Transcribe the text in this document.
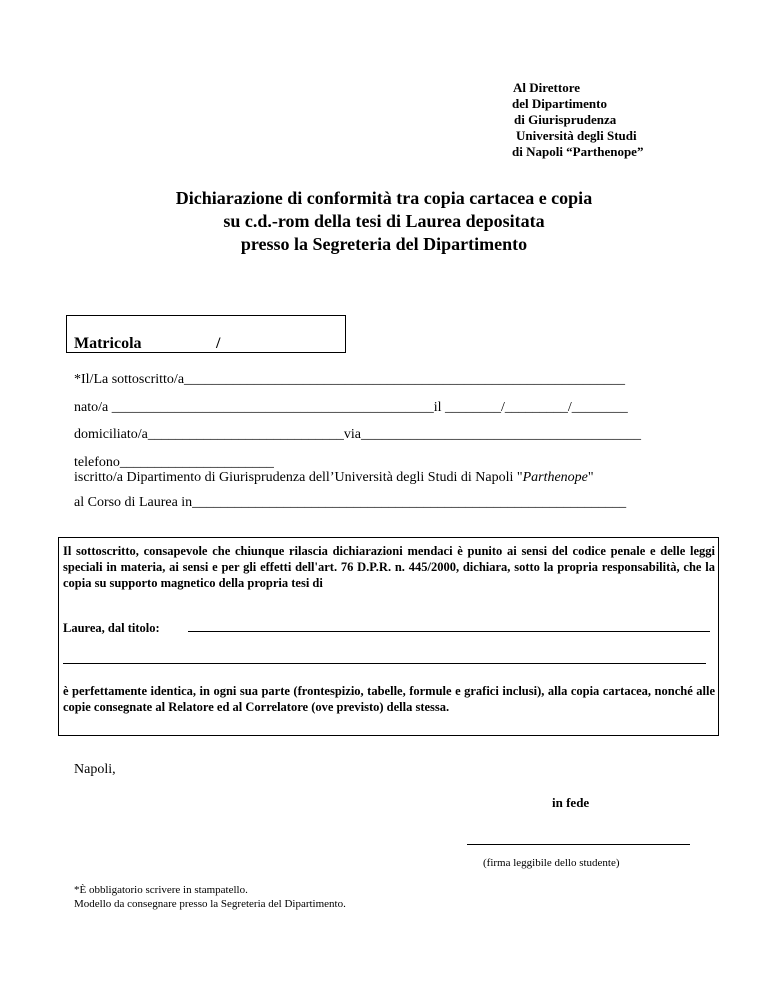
Al Direttore
del Dipartimento
di Giurisprudenza
Università degli Studi
di Napoli “Parthenope”
Dichiarazione di conformità tra copia cartacea e copia
su c.d.-rom della tesi di Laurea depositata
presso la Segreteria del Dipartimento
Matricola	/
*Il/La sottoscritto/a_______________________________________________________________
nato/a ______________________________________________il ________/_________/________
domiciliato/a____________________________via________________________________________
telefono______________________
iscritto/a Dipartimento di Giurisprudenza dell’Università degli Studi di Napoli "Parthenope"
al Corso di Laurea in______________________________________________________________
Il sottoscritto, consapevole che chiunque rilascia dichiarazioni mendaci è punito ai sensi del codice penale e delle leggi speciali in materia, ai sensi e per gli effetti dell'art. 76 D.P.R. n. 445/2000, dichiara, sotto la propria responsabilità, che la copia su supporto magnetico della propria tesi di
Laurea, dal titolo:
è perfettamente identica, in ogni sua parte (frontespizio, tabelle, formule e grafici inclusi), alla copia cartacea, nonché alle copie consegnate al Relatore ed al Correlatore (ove previsto) della stessa.
Napoli,
in fede
(firma leggibile dello studente)
*È obbligatorio scrivere in stampatello.
Modello da consegnare presso la Segreteria del Dipartimento.
